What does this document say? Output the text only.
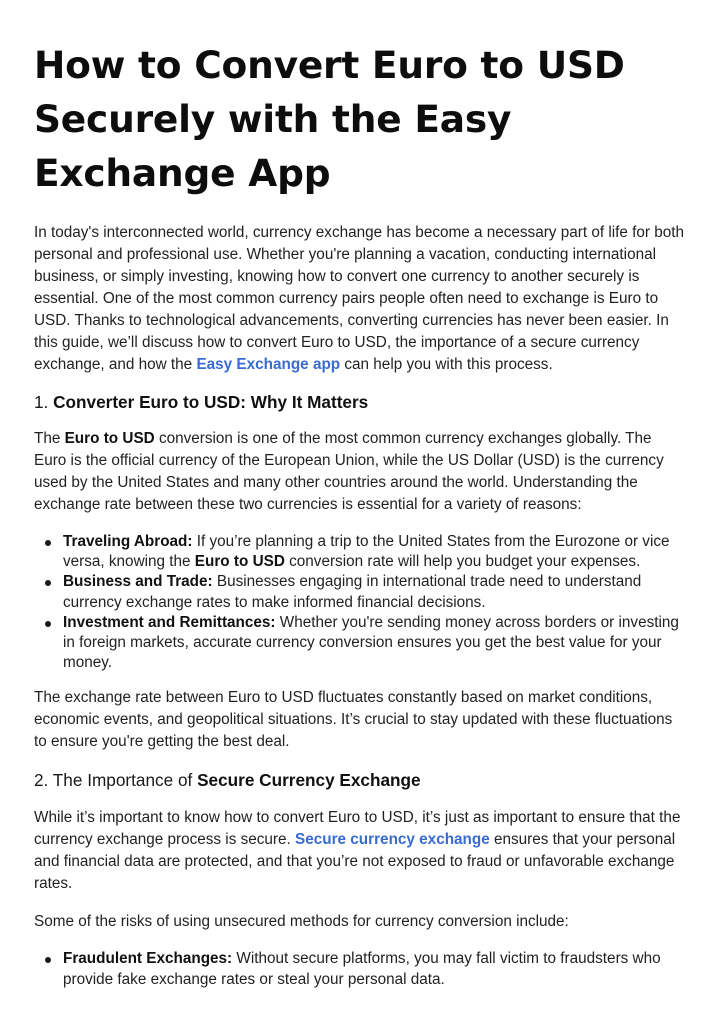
How to Convert Euro to USD Securely with the Easy Exchange App

In today's interconnected world, currency exchange has become a necessary part of life for both personal and professional use. Whether you're planning a vacation, conducting international business, or simply investing, knowing how to convert one currency to another securely is essential. One of the most common currency pairs people often need to exchange is Euro to USD. Thanks to technological advancements, converting currencies has never been easier. In this guide, we’ll discuss how to convert Euro to USD, the importance of a secure currency exchange, and how the Easy Exchange app can help you with this process.

1. Converter Euro to USD: Why It Matters

The Euro to USD conversion is one of the most common currency exchanges globally. The Euro is the official currency of the European Union, while the US Dollar (USD) is the currency used by the United States and many other countries around the world. Understanding the exchange rate between these two currencies is essential for a variety of reasons:

Traveling Abroad: If you’re planning a trip to the United States from the Eurozone or vice versa, knowing the Euro to USD conversion rate will help you budget your expenses.
Business and Trade: Businesses engaging in international trade need to understand currency exchange rates to make informed financial decisions.
Investment and Remittances: Whether you're sending money across borders or investing in foreign markets, accurate currency conversion ensures you get the best value for your money.

The exchange rate between Euro to USD fluctuates constantly based on market conditions, economic events, and geopolitical situations. It’s crucial to stay updated with these fluctuations to ensure you're getting the best deal.

2. The Importance of Secure Currency Exchange

While it’s important to know how to convert Euro to USD, it’s just as important to ensure that the currency exchange process is secure. Secure currency exchange ensures that your personal and financial data are protected, and that you’re not exposed to fraud or unfavorable exchange rates.

Some of the risks of using unsecured methods for currency conversion include:

Fraudulent Exchanges: Without secure platforms, you may fall victim to fraudsters who provide fake exchange rates or steal your personal data.
